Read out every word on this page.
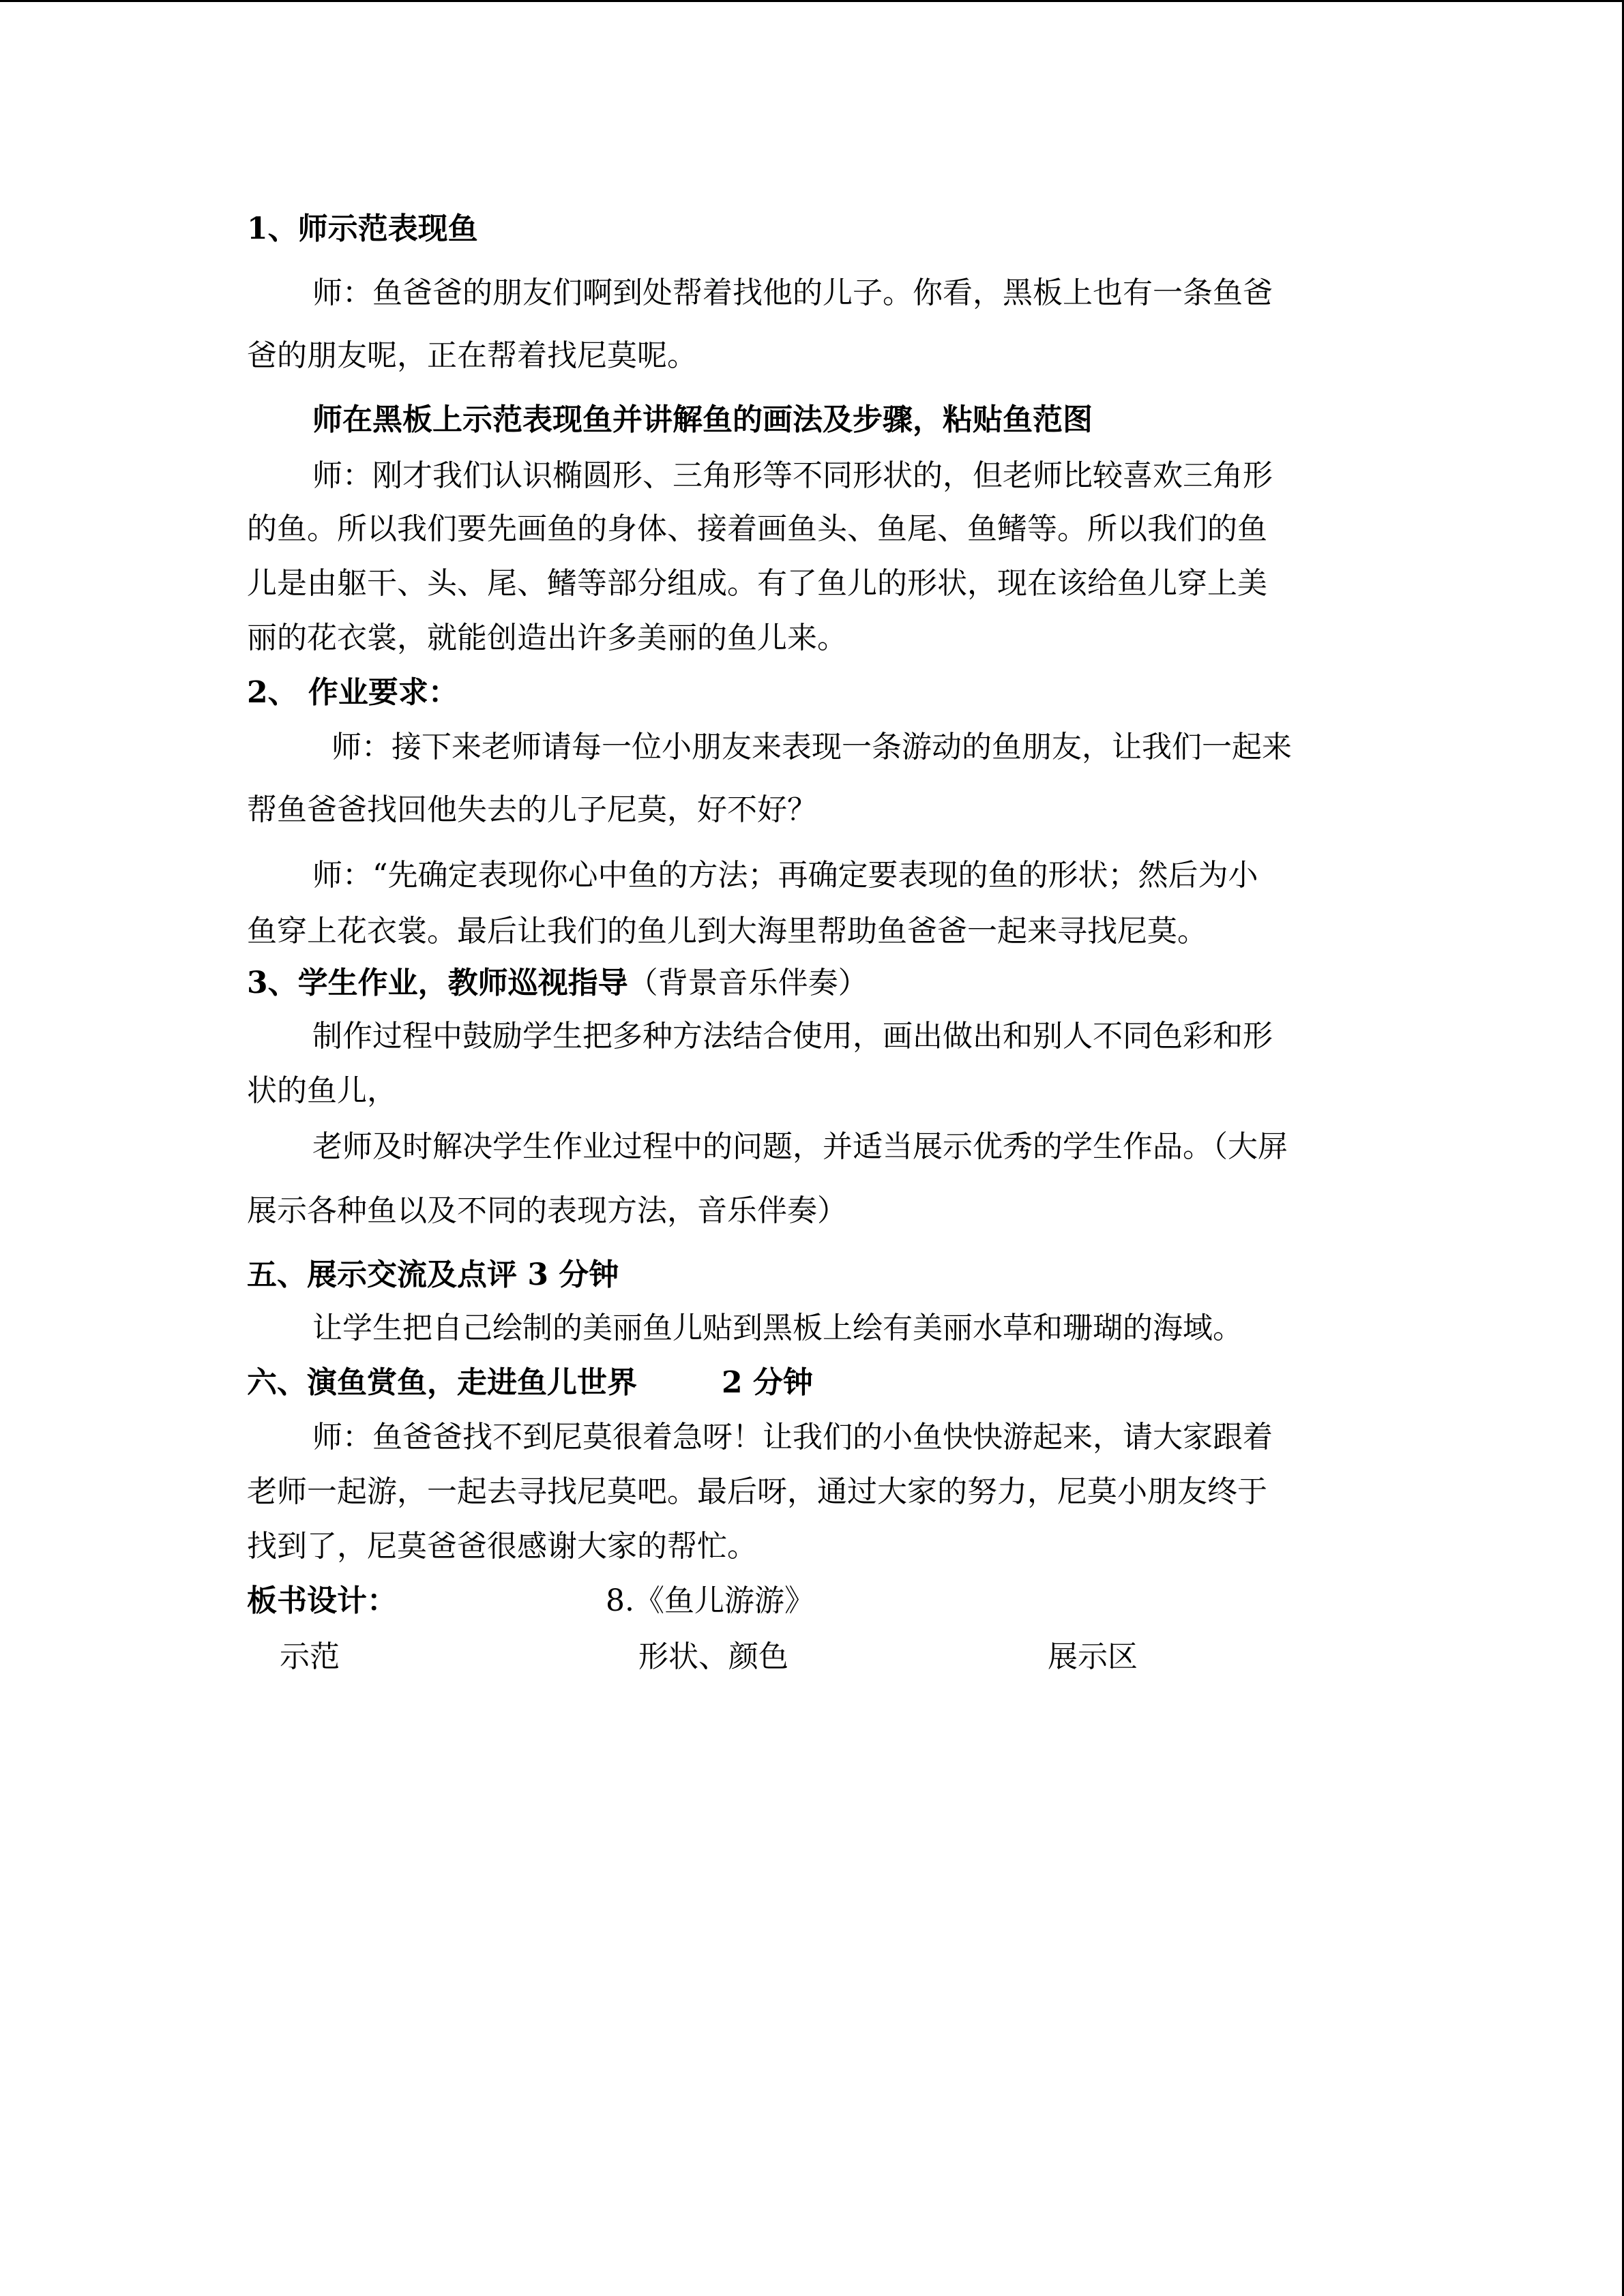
1、师示范表现鱼
师：鱼爸爸的朋友们啊到处帮着找他的儿子。你看，黑板上也有一条鱼爸
爸的朋友呢，正在帮着找尼莫呢。
师在黑板上示范表现鱼并讲解鱼的画法及步骤，粘贴鱼范图
师：刚才我们认识椭圆形、三角形等不同形状的，但老师比较喜欢三角形
的鱼。所以我们要先画鱼的身体、接着画鱼头、鱼尾、鱼鳍等。所以我们的鱼
儿是由躯干、头、尾、鳍等部分组成。有了鱼儿的形状，现在该给鱼儿穿上美
丽的花衣裳，就能创造出许多美丽的鱼儿来。
2、 作业要求：
师：接下来老师请每一位小朋友来表现一条游动的鱼朋友，让我们一起来
帮鱼爸爸找回他失去的儿子尼莫，好不好？
师：“先确定表现你心中鱼的方法；再确定要表现的鱼的形状；然后为小
鱼穿上花衣裳。最后让我们的鱼儿到大海里帮助鱼爸爸一起来寻找尼莫。
3、学生作业，教师巡视指导（背景音乐伴奏）
制作过程中鼓励学生把多种方法结合使用，画出做出和别人不同色彩和形
状的鱼儿，
老师及时解决学生作业过程中的问题，并适当展示优秀的学生作品。（大屏
展示各种鱼以及不同的表现方法，音乐伴奏）
五、展示交流及点评 3 分钟
让学生把自己绘制的美丽鱼儿贴到黑板上绘有美丽水草和珊瑚的海域。
六、演鱼赏鱼，走进鱼儿世界	2 分钟
师：鱼爸爸找不到尼莫很着急呀！让我们的小鱼快快游起来，请大家跟着
老师一起游，一起去寻找尼莫吧。最后呀，通过大家的努力，尼莫小朋友终于
找到了，尼莫爸爸很感谢大家的帮忙。
板书设计：	8.《鱼儿游游》
示范	形状、颜色	展示区
